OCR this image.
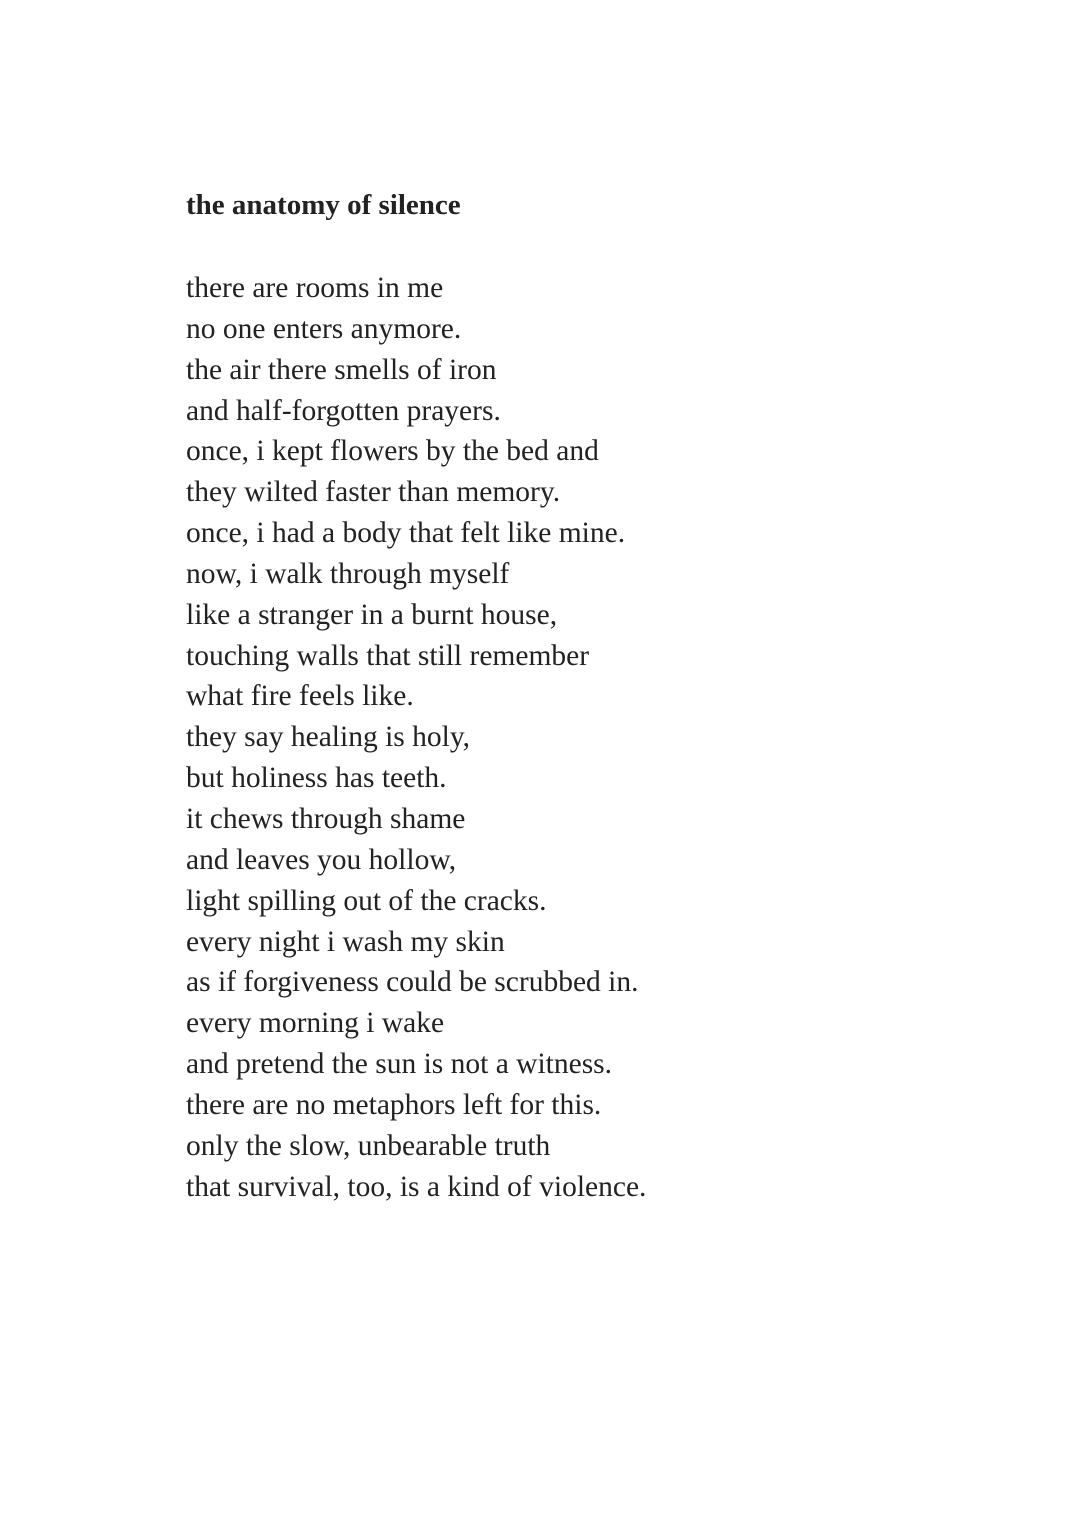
the anatomy of silence
there are rooms in me
no one enters anymore.
the air there smells of iron
and half-forgotten prayers.
once, i kept flowers by the bed and
they wilted faster than memory.
once, i had a body that felt like mine.
now, i walk through myself
like a stranger in a burnt house,
touching walls that still remember
what fire feels like.
they say healing is holy,
but holiness has teeth.
it chews through shame
and leaves you hollow,
light spilling out of the cracks.
every night i wash my skin
as if forgiveness could be scrubbed in.
every morning i wake
and pretend the sun is not a witness.
there are no metaphors left for this.
only the slow, unbearable truth
that survival, too, is a kind of violence.
